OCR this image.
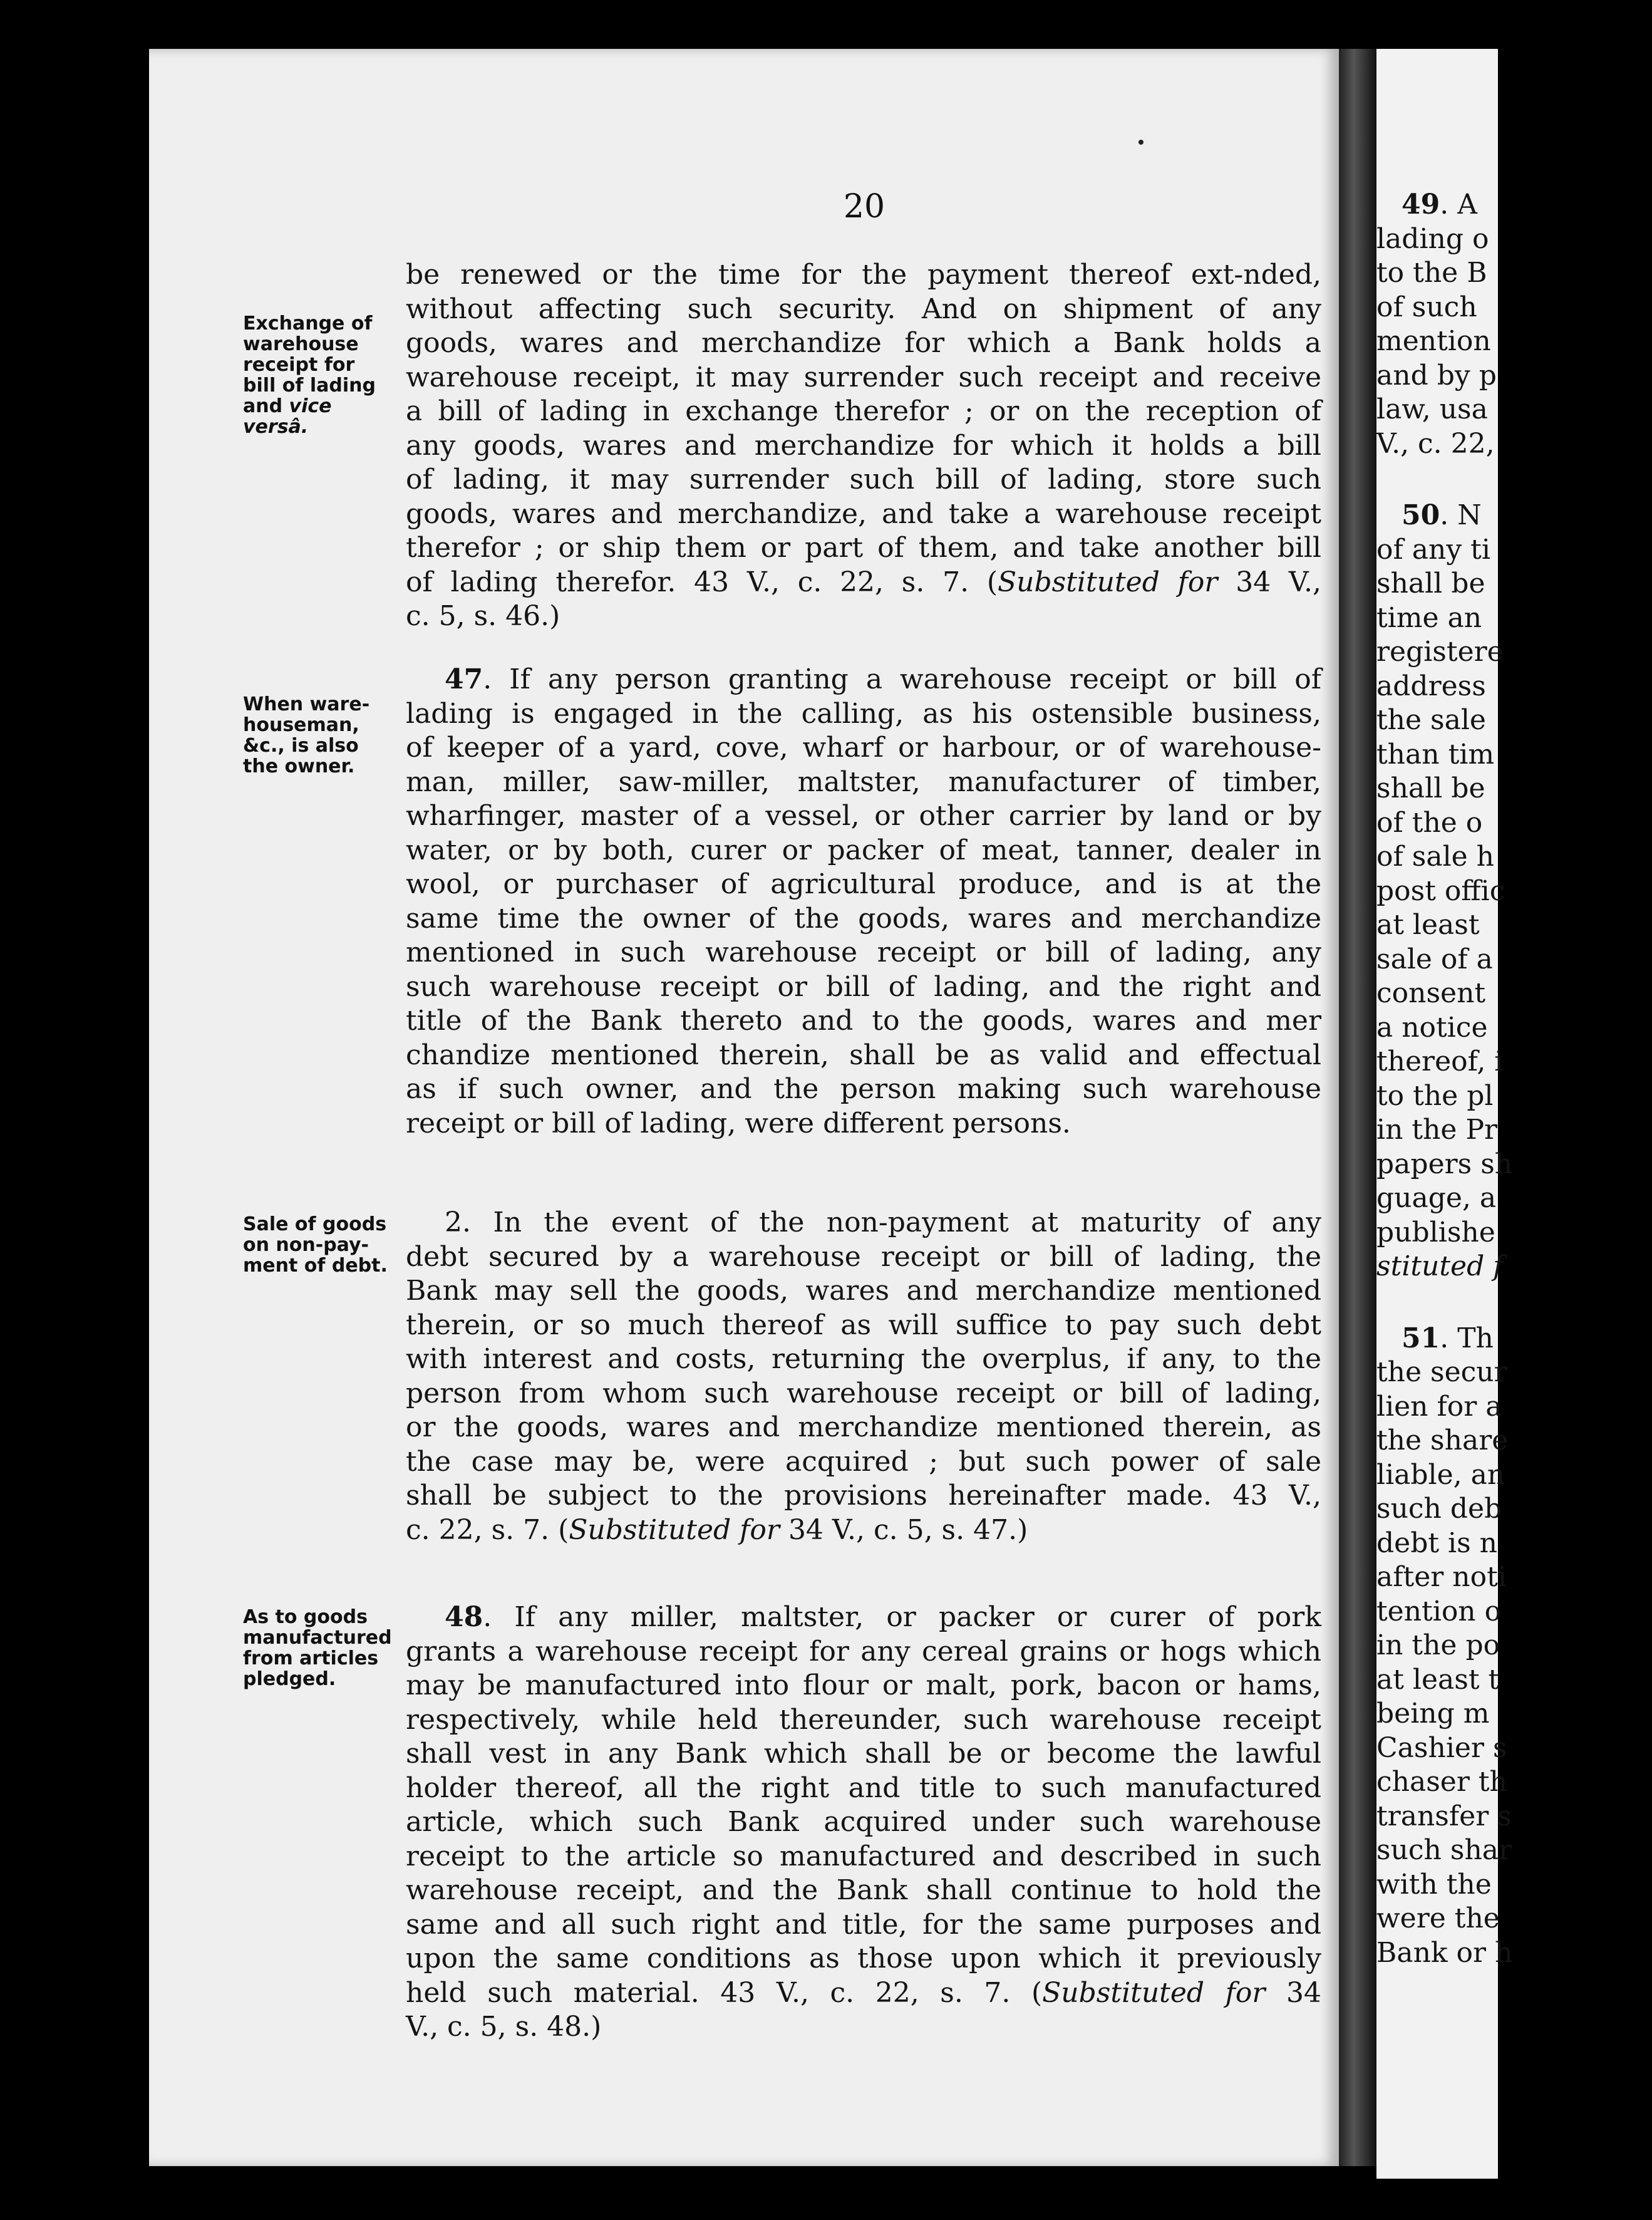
49. A
lading o
to the B
of such
mention
and by p
law, usa
V., c. 22,
50. N
of any ti
shall be
time an
registere
address
the sale
than tim
shall be
of the o
of sale h
post offic
at least
sale of a
consent
a notice
thereof, i
to the pl
in the Pr
papers sh
guage, a
publishe
stituted f
51. Th
the secur
lien for a
the share
liable, an
such deb
debt is n
after noti
tention o
in the po
at least t
being m
Cashier s
chaser th
transfer s
such shar
with the
were the
Bank or h
20
Exchange of
warehouse
receipt for
bill of lading
and vice versâ.
be renewed or the time for the payment thereof ext-nded,
without affecting such security. And on shipment of any
goods, wares and merchandize for which a Bank holds a
warehouse receipt, it may surrender such receipt and receive
a bill of lading in exchange therefor ; or on the reception of
any goods, wares and merchandize for which it holds a bill
of lading, it may surrender such bill of lading, store such
goods, wares and merchandize, and take a warehouse receipt
therefor ; or ship them or part of them, and take another bill
of lading therefor. 43 V., c. 22, s. 7. (Substituted for 34 V.,
c. 5, s. 46.)
When ware-
houseman,
&c., is also
the owner.
47. If any person granting a warehouse receipt or bill of
lading is engaged in the calling, as his ostensible business,
of keeper of a yard, cove, wharf or harbour, or of warehouse-
man, miller, saw-miller, maltster, manufacturer of timber,
wharfinger, master of a vessel, or other carrier by land or by
water, or by both, curer or packer of meat, tanner, dealer in
wool, or purchaser of agricultural produce, and is at the
same time the owner of the goods, wares and merchandize
mentioned in such warehouse receipt or bill of lading, any
such warehouse receipt or bill of lading, and the right and
title of the Bank thereto and to the goods, wares and mer
chandize mentioned therein, shall be as valid and effectual
as if such owner, and the person making such warehouse
receipt or bill of lading, were different persons.
Sale of goods
on non-pay-
ment of debt.
2. In the event of the non-payment at maturity of any
debt secured by a warehouse receipt or bill of lading, the
Bank may sell the goods, wares and merchandize mentioned
therein, or so much thereof as will suffice to pay such debt
with interest and costs, returning the overplus, if any, to the
person from whom such warehouse receipt or bill of lading,
or the goods, wares and merchandize mentioned therein, as
the case may be, were acquired ; but such power of sale
shall be subject to the provisions hereinafter made. 43 V.,
c. 22, s. 7. (Substituted for 34 V., c. 5, s. 47.)
As to goods
manufactured
from articles
pledged.
48. If any miller, maltster, or packer or curer of pork
grants a warehouse receipt for any cereal grains or hogs which
may be manufactured into flour or malt, pork, bacon or hams,
respectively, while held thereunder, such warehouse receipt
shall vest in any Bank which shall be or become the lawful
holder thereof, all the right and title to such manufactured
article, which such Bank acquired under such warehouse
receipt to the article so manufactured and described in such
warehouse receipt, and the Bank shall continue to hold the
same and all such right and title, for the same purposes and
upon the same conditions as those upon which it previously
held such material. 43 V., c. 22, s. 7. (Substituted for 34
V., c. 5, s. 48.)
